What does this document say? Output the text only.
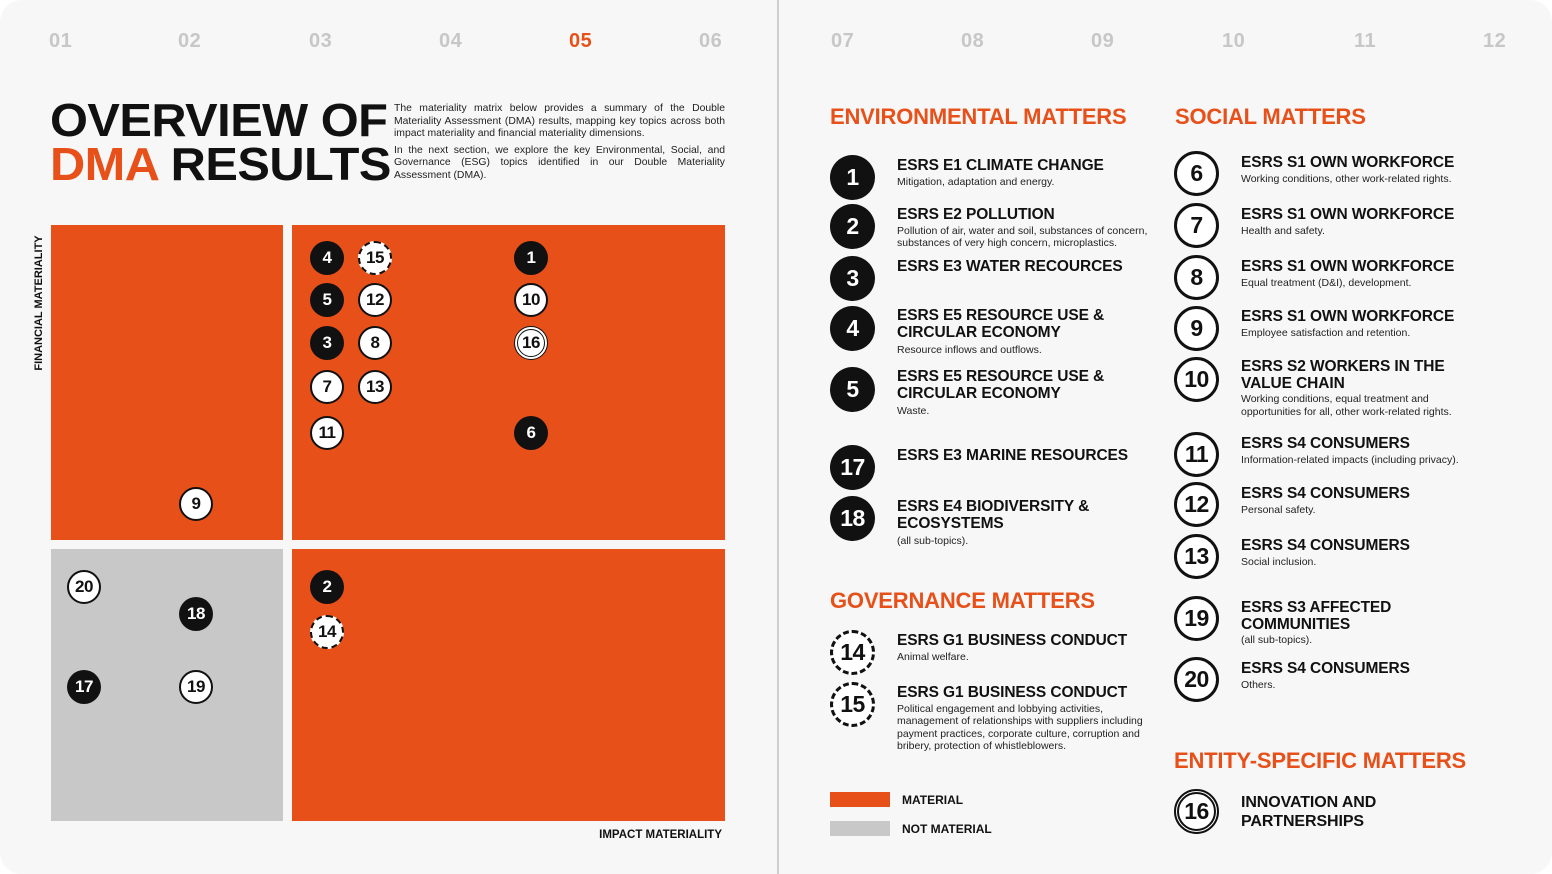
01	02	03	04	05	06
OVERVIEW OF
DMA RESULTS

The materiality matrix below provides a summary of the Double Materiality Assessment (DMA) results, mapping key topics across both impact materiality and financial materiality dimensions.

In the next section, we explore the key Environmental, Social, and Governance (ESG) topics identified in our Double Materiality Assessment (DMA).

FINANCIAL MATERIALITY
9
4	15	1
5	12	10
3	8	16
7	13
11	6
20
18
17	19
2
14
IMPACT MATERIALITY
07	08	09	10	11	12
ENVIRONMENTAL MATTERS SOCIAL MATTERS
GOVERNANCE MATTERS
ENTITY-SPECIFIC MATTERS
1	ESRS E1 CLIMATE CHANGE
Mitigation, adaptation and energy.
2	ESRS E2 POLLUTION
Pollution of air, water and soil, substances of concern, substances of very high concern, microplastics.
3	ESRS E3 WATER RECOURCES
4	ESRS E5 RESOURCE USE & CIRCULAR ECONOMY
Resource inflows and outflows.
5	ESRS E5 RESOURCE USE & CIRCULAR ECONOMY
Waste.
17	ESRS E3 MARINE RESOURCES
18	ESRS E4 BIODIVERSITY & ECOSYSTEMS
(all sub-topics).
14	ESRS G1 BUSINESS CONDUCT
Animal welfare.
15	ESRS G1 BUSINESS CONDUCT
Political engagement and lobbying activities, management of relationships with suppliers including payment practices, corporate culture, corruption and bribery, protection of whistleblowers.
6	ESRS S1 OWN WORKFORCE
Working conditions, other work-related rights.
7	ESRS S1 OWN WORKFORCE
Health and safety.
8	ESRS S1 OWN WORKFORCE
Equal treatment (D&I), development.
9	ESRS S1 OWN WORKFORCE
Employee satisfaction and retention.
10	ESRS S2 WORKERS IN THE VALUE CHAIN
Working conditions, equal treatment and opportunities for all, other work-related rights.
11	ESRS S4 CONSUMERS
Information-related impacts (including privacy).
12	ESRS S4 CONSUMERS
Personal safety.
13	ESRS S4 CONSUMERS
Social inclusion.
19	ESRS S3 AFFECTED COMMUNITIES
(all sub-topics).
20	ESRS S4 CONSUMERS
Others.
16	INNOVATION AND PARTNERSHIPS
MATERIAL
NOT MATERIAL
